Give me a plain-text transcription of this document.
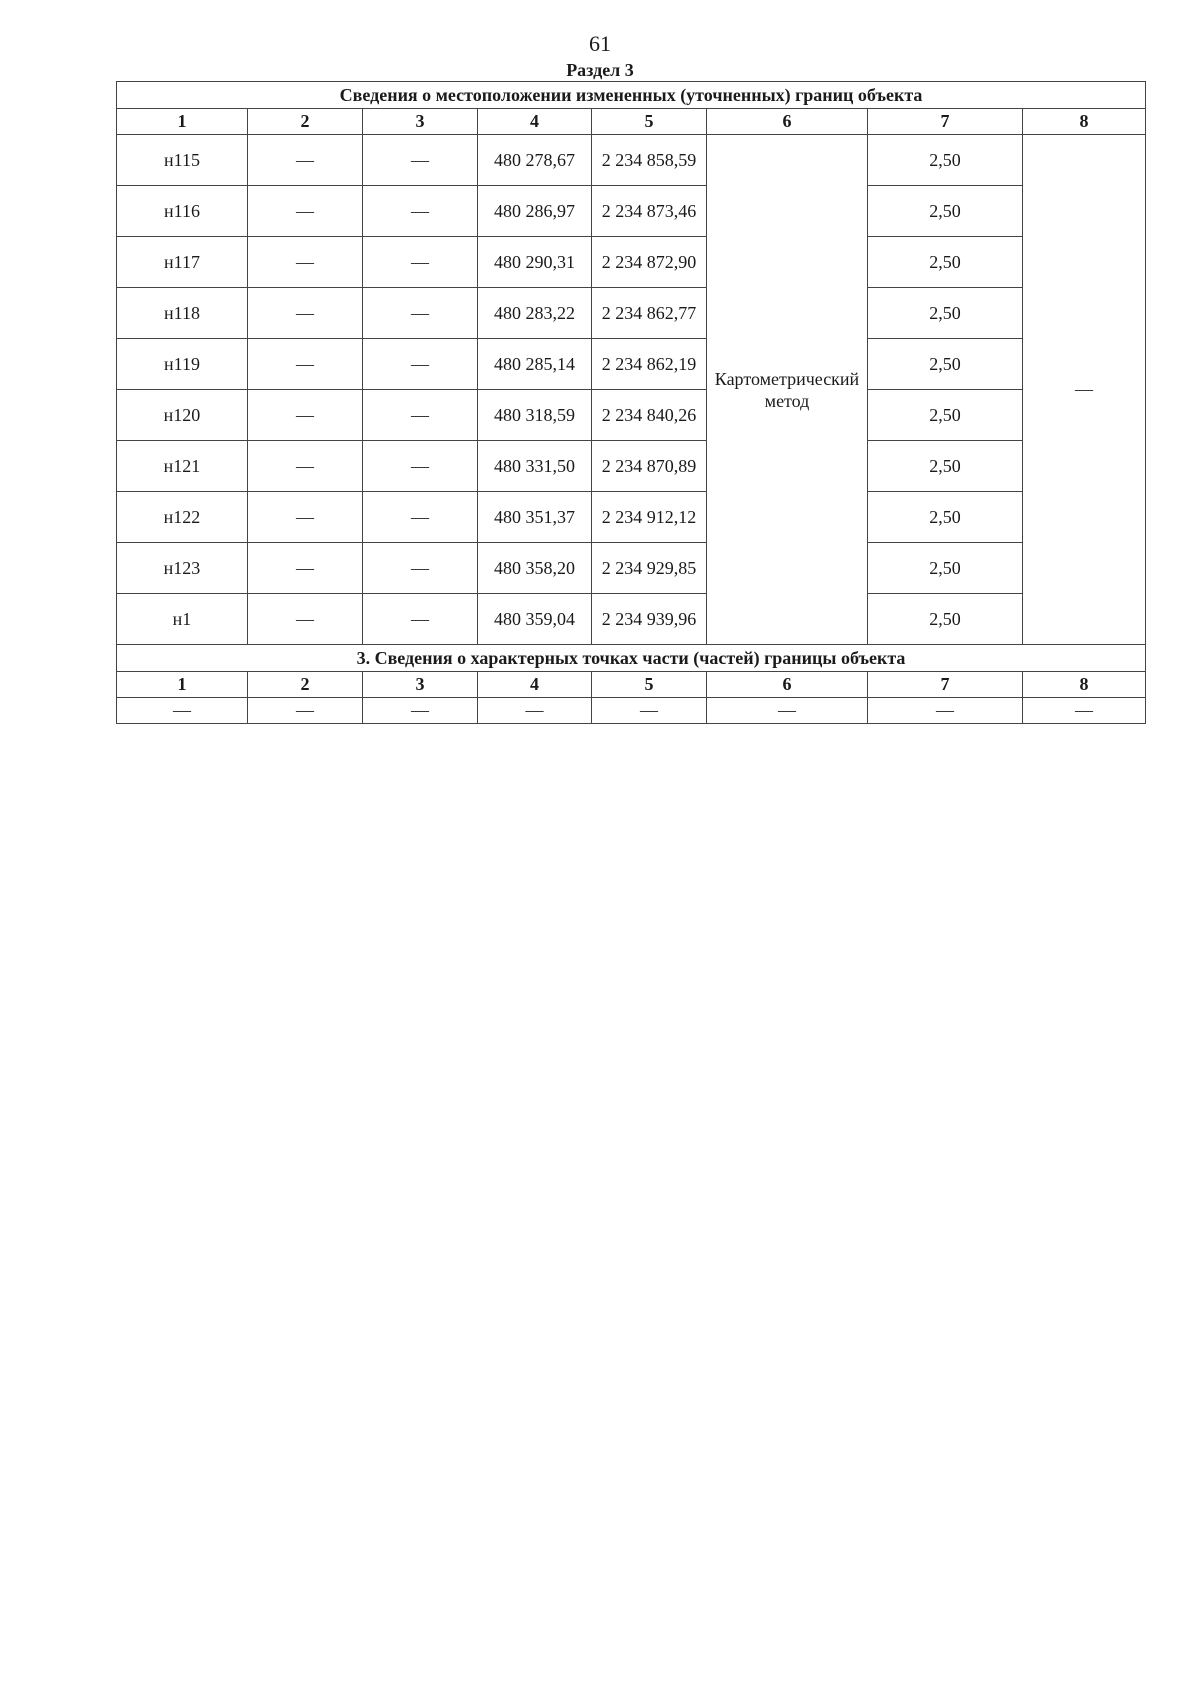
61
Раздел 3
Сведения о местоположении измененных (уточненных) границ объекта							
1	2	3	4	5	6	7	8
н115	—	—	480 278,67	2 234 858,59	Картометрический метод	2,50	—
н116	—	—	480 286,97	2 234 873,46		2,50	
н117	—	—	480 290,31	2 234 872,90		2,50	
н118	—	—	480 283,22	2 234 862,77		2,50	
н119	—	—	480 285,14	2 234 862,19		2,50	
н120	—	—	480 318,59	2 234 840,26		2,50	
н121	—	—	480 331,50	2 234 870,89		2,50	
н122	—	—	480 351,37	2 234 912,12		2,50	
н123	—	—	480 358,20	2 234 929,85		2,50	
н1	—	—	480 359,04	2 234 939,96		2,50	
3. Сведения о характерных точках части (частей) границы объекта							
1	2	3	4	5	6	7	8
—	—	—	—	—	—	—	—
